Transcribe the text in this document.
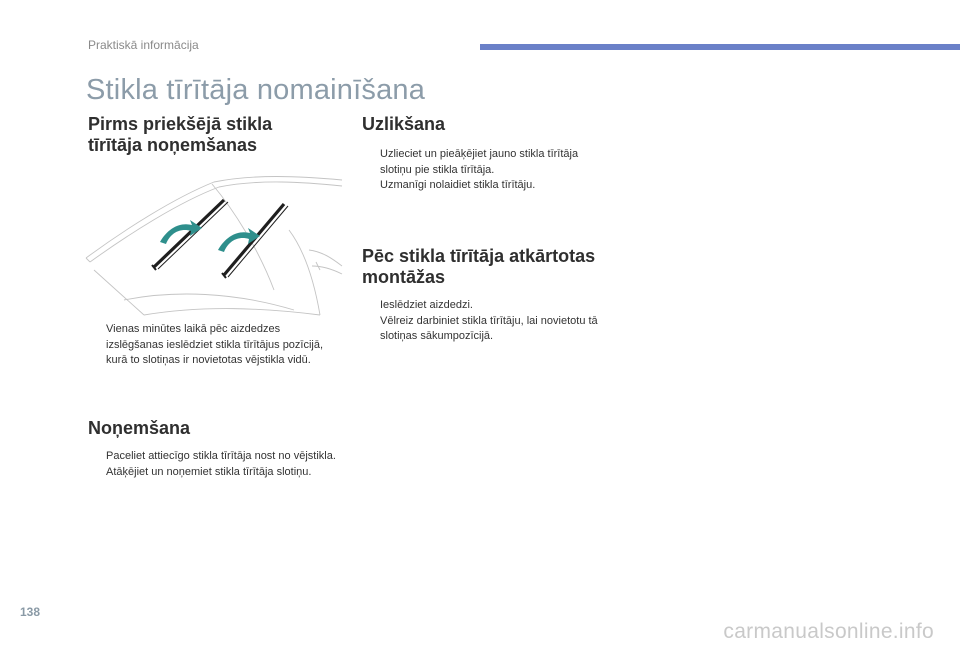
Praktiskā informācija
Stikla tīrītāja nomainīšana
Pirms priekšējā stikla
tīrītāja noņemšanas
Vienas minūtes laikā pēc aizdedzes izslēgšanas ieslēdziet stikla tīrītājus pozīcijā, kurā to slotiņas ir novietotas vējstikla vidū.
Noņemšana
Paceliet attiecīgo stikla tīrītāja nost no vējstikla.
Atāķējiet un noņemiet stikla tīrītāja slotiņu.
Uzlikšana
Uzlieciet un pieāķējiet jauno stikla tīrītāja slotiņu pie stikla tīrītāja.
Uzmanīgi nolaidiet stikla tīrītāju.
Pēc stikla tīrītāja atkārtotas
montāžas
Ieslēdziet aizdedzi.
Vēlreiz darbiniet stikla tīrītāju, lai novietotu tā slotiņas sākumpozīcijā.
138
carmanualsonline.info
